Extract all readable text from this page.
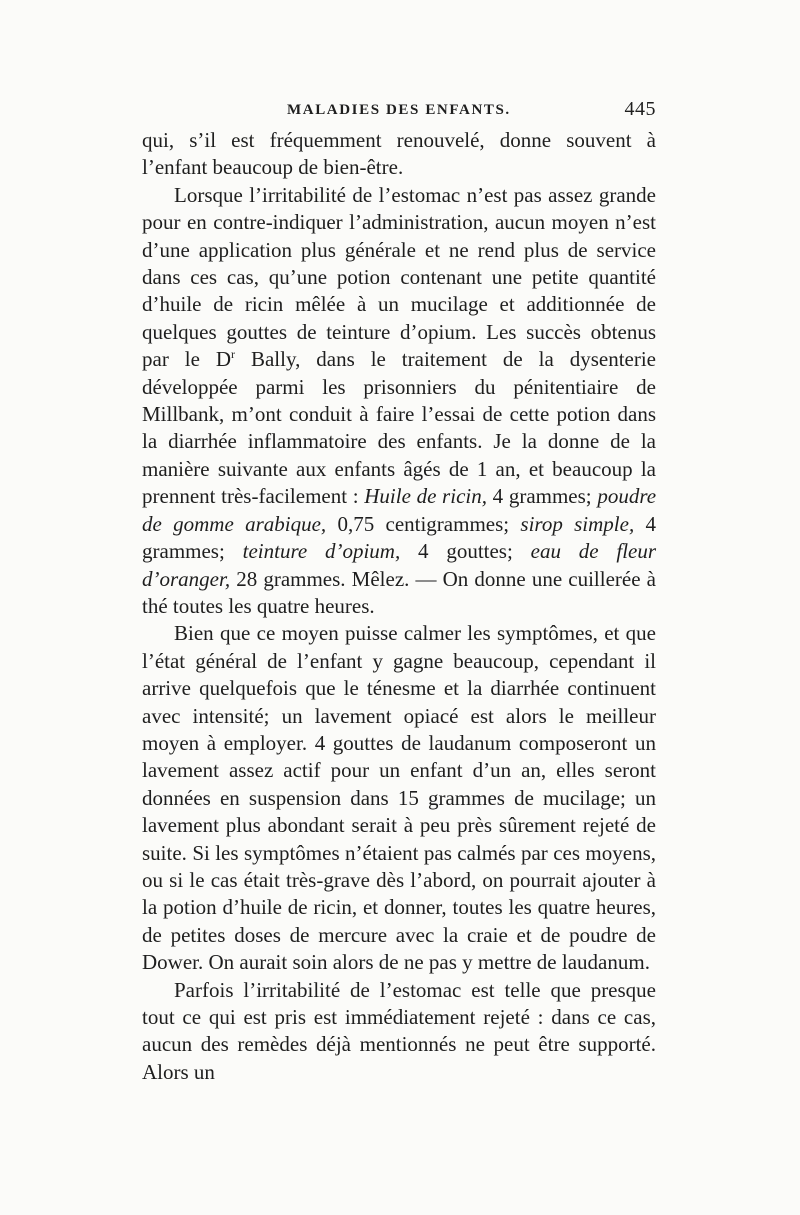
MALADIES DES ENFANTS.	445

qui, s’il est fréquemment renouvelé, donne souvent à l’enfant beaucoup de bien-être.

Lorsque l’irritabilité de l’estomac n’est pas assez grande pour en contre-indiquer l’administration, aucun moyen n’est d’une application plus générale et ne rend plus de service dans ces cas, qu’une potion contenant une petite quantité d’huile de ricin mêlée à un mucilage et additionnée de quelques gouttes de teinture d’opium. Les succès obtenus par le $D^r$ Bally, dans le traitement de la dysenterie développée parmi les prisonniers du pénitentiaire de Millbank, m’ont conduit à faire l’essai de cette potion dans la diarrhée inflammatoire des enfants. Je la donne de la manière suivante aux enfants âgés de 1 an, et beaucoup la prennent très-facilement : Huile de ricin, 4 grammes; poudre de gomme arabique, 0,75 centigrammes; sirop simple, 4 grammes; teinture d’opium, 4 gouttes; eau de fleur d’oranger, 28 grammes. Mêlez. — On donne une cuillerée à thé toutes les quatre heures.

Bien que ce moyen puisse calmer les symptômes, et que l’état général de l’enfant y gagne beaucoup, cependant il arrive quelquefois que le ténesme et la diarrhée continuent avec intensité; un lavement opiacé est alors le meilleur moyen à employer. 4 gouttes de laudanum composeront un lavement assez actif pour un enfant d’un an, elles seront données en suspension dans 15 grammes de mucilage; un lavement plus abondant serait à peu près sûrement rejeté de suite. Si les symptômes n’étaient pas calmés par ces moyens, ou si le cas était très-grave dès l’abord, on pourrait ajouter à la potion d’huile de ricin, et donner, toutes les quatre heures, de petites doses de mercure avec la craie et de poudre de Dower. On aurait soin alors de ne pas y mettre de laudanum.

Parfois l’irritabilité de l’estomac est telle que presque tout ce qui est pris est immédiatement rejeté : dans ce cas, aucun des remèdes déjà mentionnés ne peut être supporté. Alors un
